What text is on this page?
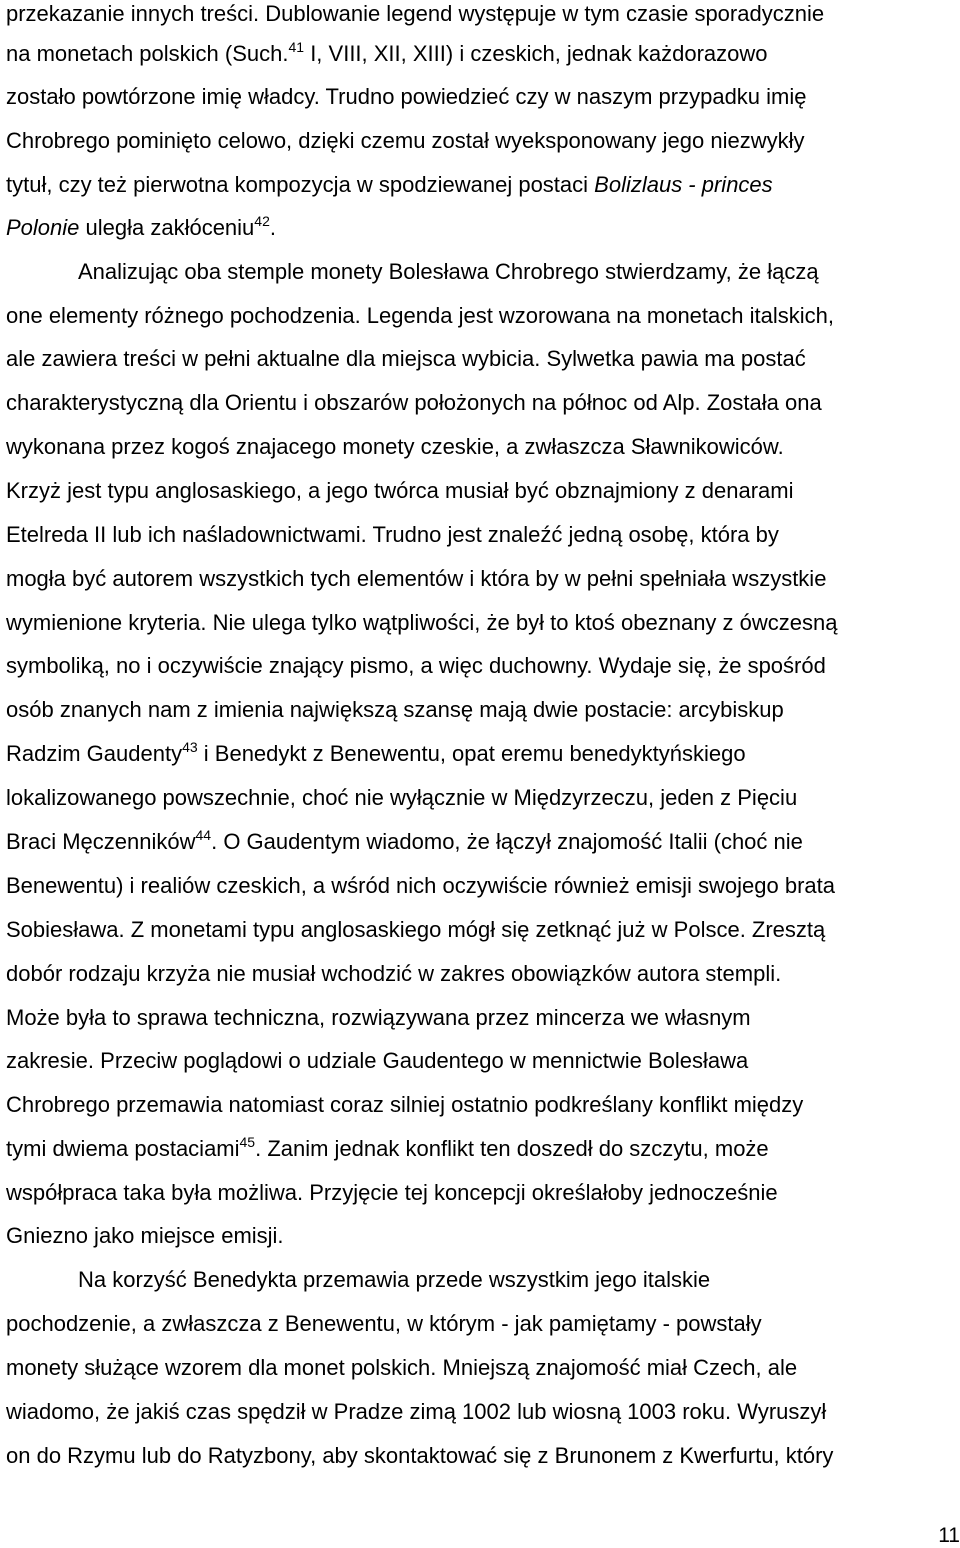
przekazanie innych treści. Dublowanie legend występuje w tym czasie sporadycznie
na monetach polskich (Such.$^{41}$ I, VIII, XII, XIII) i czeskich, jednak każdorazowo
zostało powtórzone imię władcy. Trudno powiedzieć czy w naszym przypadku imię
Chrobrego pominięto celowo, dzięki czemu został wyeksponowany jego niezwykły
tytuł, czy też pierwotna kompozycja w spodziewanej postaci Bolizlaus - princes
Polonie uległa zakłóceniu$^{42}$.
Analizując oba stemple monety Bolesława Chrobrego stwierdzamy, że łączą
one elementy różnego pochodzenia. Legenda jest wzorowana na monetach italskich,
ale zawiera treści w pełni aktualne dla miejsca wybicia. Sylwetka pawia ma postać
charakterystyczną dla Orientu i obszarów położonych na północ od Alp. Została ona
wykonana przez kogoś znajacego monety czeskie, a zwłaszcza Sławnikowiców.
Krzyż jest typu anglosaskiego, a jego twórca musiał być obznajmiony z denarami
Etelreda II lub ich naśladownictwami. Trudno jest znaleźć jedną osobę, która by
mogła być autorem wszystkich tych elementów i która by w pełni spełniała wszystkie
wymienione kryteria. Nie ulega tylko wątpliwości, że był to ktoś obeznany z ówczesną
symboliką, no i oczywiście znający pismo, a więc duchowny. Wydaje się, że spośród
osób znanych nam z imienia największą szansę mają dwie postacie: arcybiskup
Radzim Gaudenty$^{43}$ i Benedykt z Benewentu, opat eremu benedyktyńskiego
lokalizowanego powszechnie, choć nie wyłącznie w Międzyrzeczu, jeden z Pięciu
Braci Męczenników$^{44}$. O Gaudentym wiadomo, że łączył znajomość Italii (choć nie
Benewentu) i realiów czeskich, a wśród nich oczywiście również emisji swojego brata
Sobiesława. Z monetami typu anglosaskiego mógł się zetknąć już w Polsce. Zresztą
dobór rodzaju krzyża nie musiał wchodzić w zakres obowiązków autora stempli.
Może była to sprawa techniczna, rozwiązywana przez mincerza we własnym
zakresie. Przeciw poglądowi o udziale Gaudentego w mennictwie Bolesława
Chrobrego przemawia natomiast coraz silniej ostatnio podkreślany konflikt między
tymi dwiema postaciami$^{45}$. Zanim jednak konflikt ten doszedł do szczytu, może
współpraca taka była możliwa. Przyjęcie tej koncepcji określałoby jednocześnie
Gniezno jako miejsce emisji.
Na korzyść Benedykta przemawia przede wszystkim jego italskie
pochodzenie, a zwłaszcza z Benewentu, w którym - jak pamiętamy - powstały
monety służące wzorem dla monet polskich. Mniejszą znajomość miał Czech, ale
wiadomo, że jakiś czas spędził w Pradze zimą 1002 lub wiosną 1003 roku. Wyruszył
on do Rzymu lub do Ratyzbony, aby skontaktować się z Brunonem z Kwerfurtu, który
11
